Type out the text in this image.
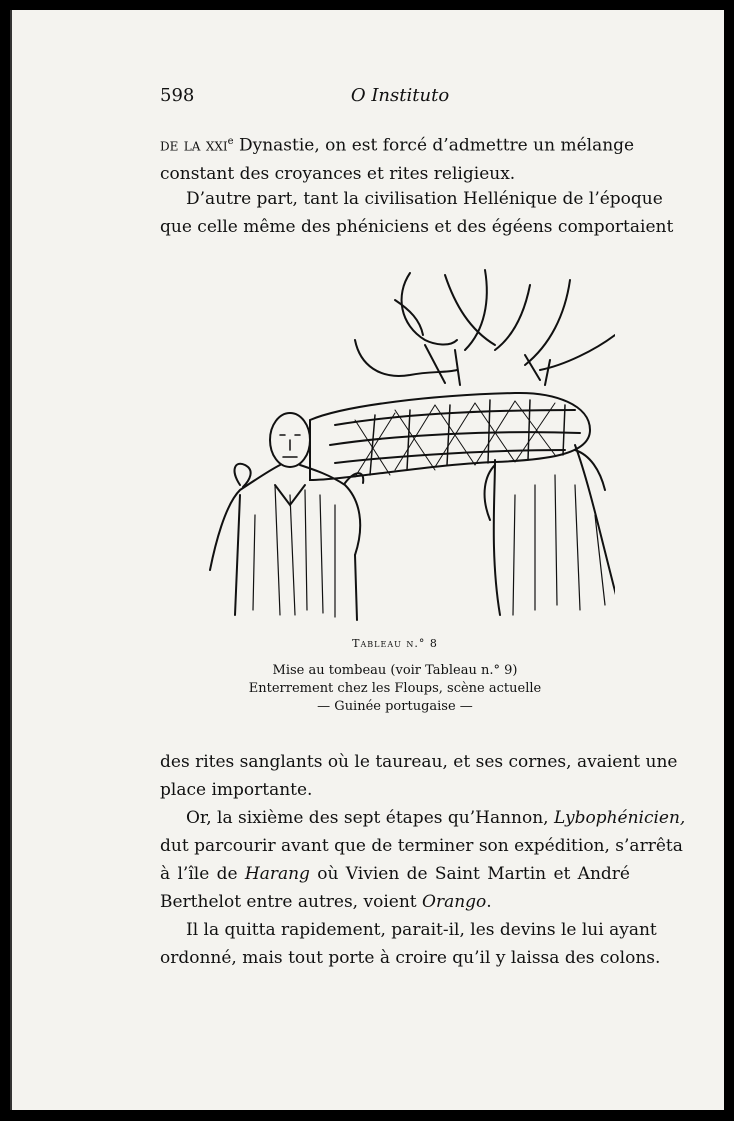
598	O Instituto
de la xxi$^e$ Dynastie, on est forcé d’admettre un mélange
constant des croyances et rites religieux.
D’autre part, tant la civilisation Hellénique de l’époque
que celle même des phéniciens et des égéens comportaient
Tableau n.° 8
Mise au tombeau (voir Tableau n.° 9)
Enterrement chez les Floups, scène actuelle
— Guinée portugaise —
des rites sanglants où le taureau, et ses cornes, avaient une
place importante.
Or, la sixième des sept étapes qu’Hannon, Lybophénicien,
dut parcourir avant que de terminer son expédition, s’arrêta
à l’île de Harang où Vivien de Saint Martin et André
Berthelot entre autres, voient Orango.
Il la quitta rapidement, parait-il, les devins le lui ayant
ordonné, mais tout porte à croire qu’il y laissa des colons.
